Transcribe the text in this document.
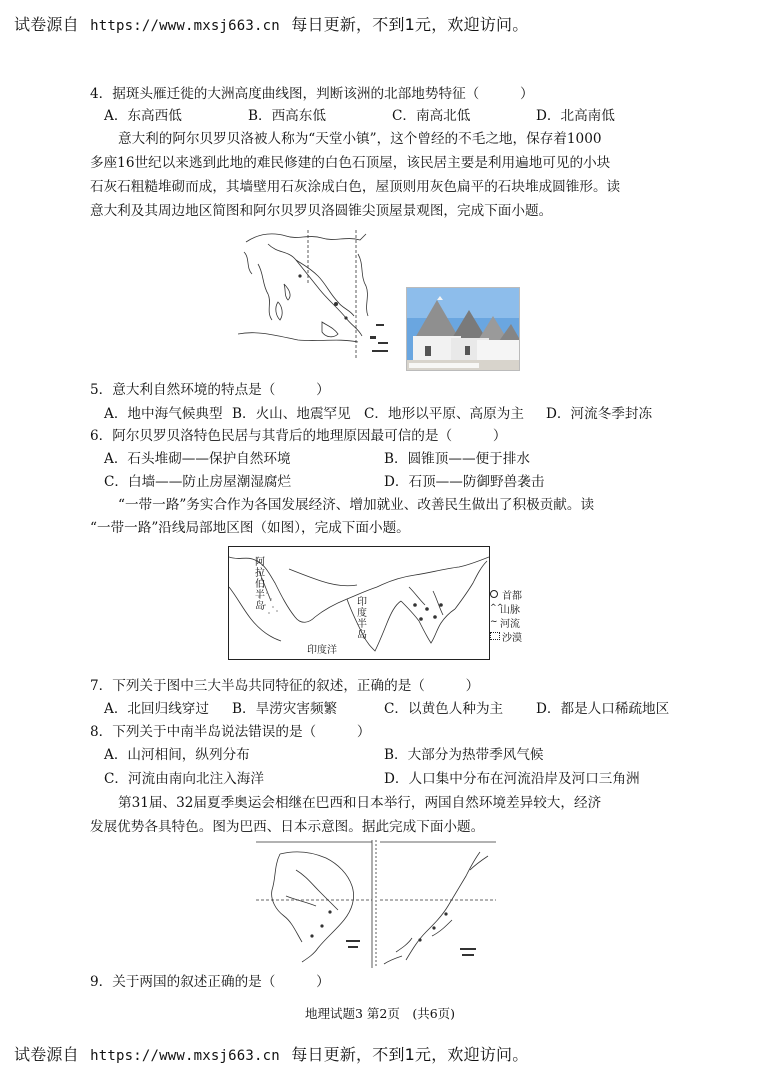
试卷源自 https://www.mxsj663.cn 每日更新，不到1元，欢迎访问。
4．据斑头雁迁徙的大洲高度曲线图，判断该洲的北部地势特征（　　　）
A．东高西低	B．西高东低	C．南高北低	D．北高南低
意大利的阿尔贝罗贝洛被人称为“天堂小镇”，这个曾经的不毛之地，保存着1000
多座16世纪以来逃到此地的难民修建的白色石顶屋，该民居主要是利用遍地可见的小块
石灰石粗糙堆砌而成，其墙壁用石灰涂成白色，屋顶则用灰色扁平的石块堆成圆锥形。读
意大利及其周边地区简图和阿尔贝罗贝洛圆锥尖顶屋景观图，完成下面小题。
5．意大利自然环境的特点是（　　　）
A．地中海气候典型 B．火山、地震罕见 C．地形以平原、高原为主 D．河流冬季封冻
6．阿尔贝罗贝洛特色民居与其背后的地理原因最可信的是（　　　）
A．石头堆砌——保护自然环境	B．圆锥顶——便于排水
C．白墙——防止房屋潮湿腐烂	D．石顶——防御野兽袭击
“一带一路”务实合作为各国发展经济、增加就业、改善民生做出了积极贡献。读
“一带一路”沿线局部地区图（如图），完成下面小题。
阿拉伯半岛	印度半岛
印度洋
首都
^^
山脉
~ 河流
沙漠
7．下列关于图中三大半岛共同特征的叙述，正确的是（　　　）
A．北回归线穿过 B．旱涝灾害频繁	C．以黄色人种为主 D．都是人口稀疏地区
8．下列关于中南半岛说法错误的是（　　　）
A．山河相间，纵列分布	B．大部分为热带季风气候
C．河流由南向北注入海洋	D．人口集中分布在河流沿岸及河口三角洲
第31届、32届夏季奥运会相继在巴西和日本举行，两国自然环境差异较大，经济
发展优势各具特色。图为巴西、日本示意图。据此完成下面小题。
9．关于两国的叙述正确的是（　　　）
地理试题3 第2页　(共6页)
试卷源自 https://www.mxsj663.cn 每日更新，不到1元，欢迎访问。
